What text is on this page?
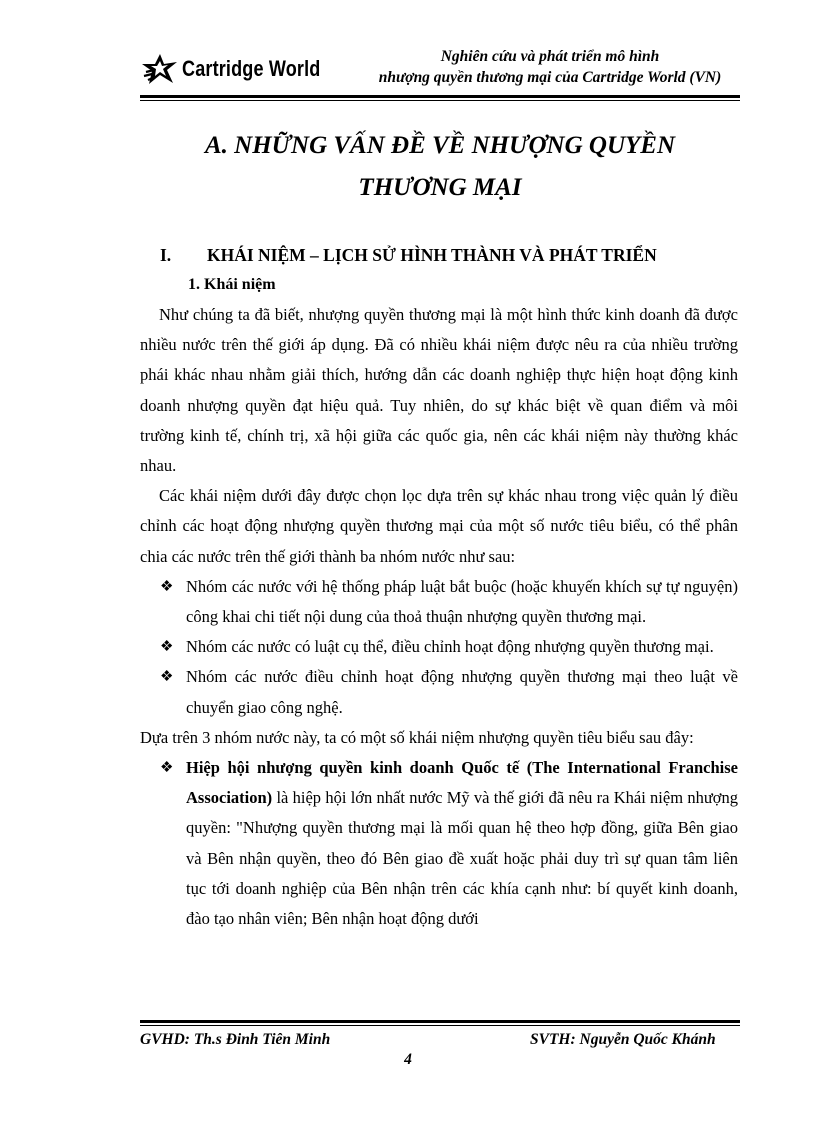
Cartridge World	Nghiên cứu và phát triển mô hình
nhượng quyền thương mại của Cartridge World (VN)
A. NHỮNG VẤN ĐỀ VỀ NHƯỢNG QUYỀN
THƯƠNG MẠI
I.	KHÁI NIỆM – LỊCH SỬ HÌNH THÀNH VÀ PHÁT TRIỂN
1. Khái niệm

Như chúng ta đã biết, nhượng quyền thương mại là một hình thức kinh doanh đã được nhiều nước trên thế giới áp dụng. Đã có nhiều khái niệm được nêu ra của nhiều trường phái khác nhau nhằm giải thích, hướng dẫn các doanh nghiệp thực hiện hoạt động kinh doanh nhượng quyền đạt hiệu quả. Tuy nhiên, do sự khác biệt về quan điểm và môi trường kinh tế, chính trị, xã hội giữa các quốc gia, nên các khái niệm này thường khác nhau.

Các khái niệm dưới đây được chọn lọc dựa trên sự khác nhau trong việc quản lý điều chỉnh các hoạt động nhượng quyền thương mại của một số nước tiêu biểu, có thể phân chia các nước trên thế giới thành ba nhóm nước như sau:

❖ Nhóm các nước với hệ thống pháp luật bắt buộc (hoặc khuyến khích sự tự nguyện) công khai chi tiết nội dung của thoả thuận nhượng quyền thương mại.

❖ Nhóm các nước có luật cụ thể, điều chỉnh hoạt động nhượng quyền thương mại.

❖ Nhóm các nước điều chỉnh hoạt động nhượng quyền thương mại theo luật về chuyển giao công nghệ.

Dựa trên 3 nhóm nước này, ta có một số khái niệm nhượng quyền tiêu biểu sau đây:

❖ Hiệp hội nhượng quyền kinh doanh Quốc tế (The International Franchise Association) là hiệp hội lớn nhất nước Mỹ và thế giới đã nêu ra Khái niệm nhượng quyền: "Nhượng quyền thương mại là mối quan hệ theo hợp đồng, giữa Bên giao và Bên nhận quyền, theo đó Bên giao đề xuất hoặc phải duy trì sự quan tâm liên tục tới doanh nghiệp của Bên nhận trên các khía cạnh như: bí quyết kinh doanh, đào tạo nhân viên; Bên nhận hoạt động dưới

GVHD: Th.s Đinh Tiên Minh	SVTH: Nguyễn Quốc Khánh
4
